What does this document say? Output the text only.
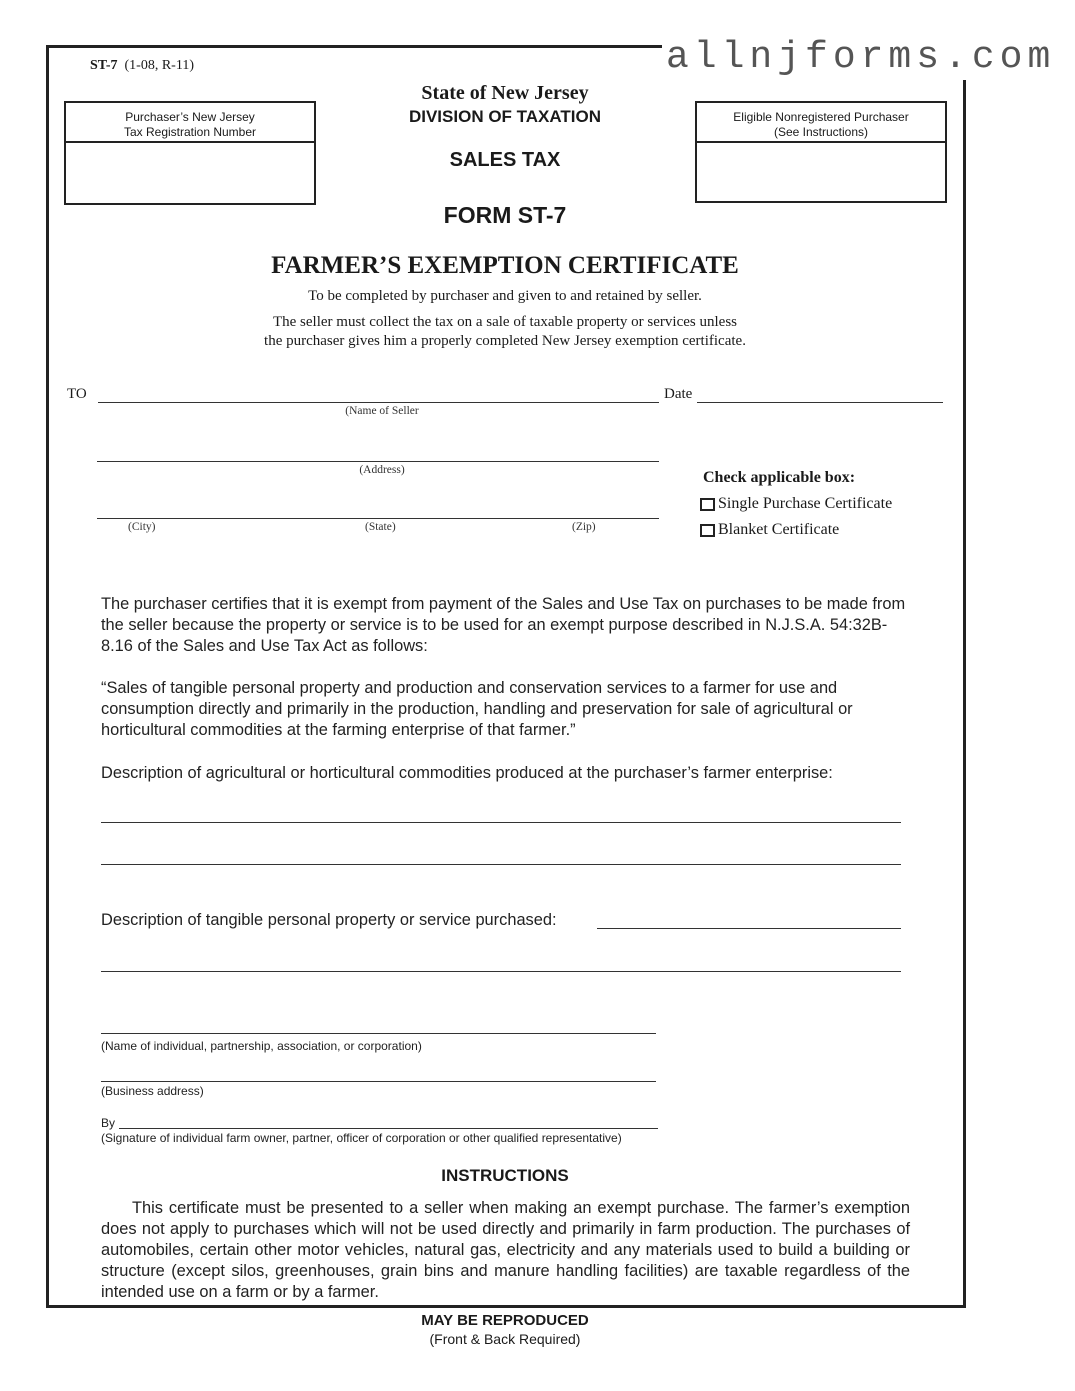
allnjforms.com
ST-7 (1-08, R-11)
State of New Jersey
DIVISION OF TAXATION
SALES TAX
FORM ST-7
Purchaser’s New Jersey
Tax Registration Number
Eligible Nonregistered Purchaser
(See Instructions)
FARMER’S EXEMPTION CERTIFICATE
To be completed by purchaser and given to and retained by seller.
The seller must collect the tax on a sale of taxable property or services unless
the purchaser gives him a properly completed New Jersey exemption certificate.
TO
(Name of Seller
Date
(Address)
(City)	(State)	(Zip)
Check applicable box:
Single Purchase Certificate
Blanket Certificate
The purchaser certifies that it is exempt from payment of the Sales and Use Tax on purchases to be made from the seller because the property or service is to be used for an exempt purpose described in N.J.S.A. 54:32B-8.16 of the Sales and Use Tax Act as follows:
“Sales of tangible personal property and production and conservation services to a farmer for use and consumption directly and primarily in the production, handling and preservation for sale of agricultural or horticultural commodities at the farming enterprise of that farmer.”
Description of agricultural or horticultural commodities produced at the purchaser’s farmer enterprise:
Description of tangible personal property or service purchased:
(Name of individual, partnership, association, or corporation)
(Business address)
By
(Signature of individual farm owner, partner, officer of corporation or other qualified representative)
INSTRUCTIONS
This certificate must be presented to a seller when making an exempt purchase. The farmer’s exemption does not apply to purchases which will not be used directly and primarily in farm production. The purchases of automobiles, certain other motor vehicles, natural gas, electricity and any materials used to build a building or structure (except silos, greenhouses, grain bins and manure handling facilities) are taxable regardless of the intended use on a farm or by a farmer.
MAY BE REPRODUCED
(Front & Back Required)
